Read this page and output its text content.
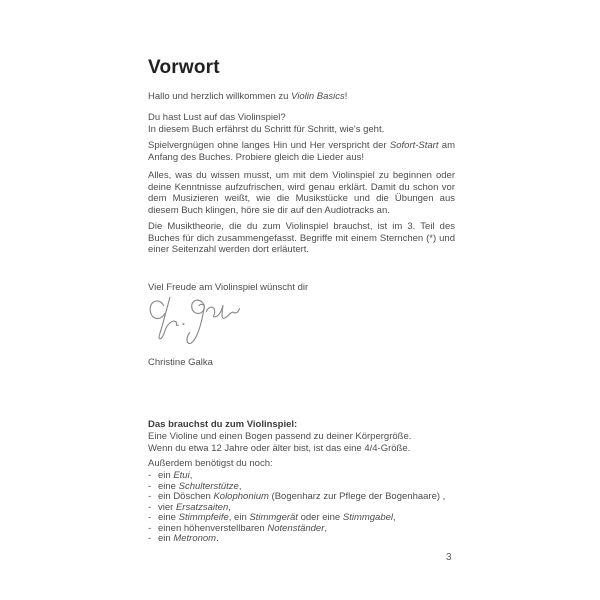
Vorwort

Hallo und herzlich willkommen zu Violin Basics!

Du hast Lust auf das Violinspiel?
In diesem Buch erfährst du Schritt für Schritt, wie's geht.

Spielvergnügen ohne langes Hin und Her verspricht der Sofort-Start am Anfang des Buches. Probiere gleich die Lieder aus!

Alles, was du wissen musst, um mit dem Violinspiel zu beginnen oder deine Kenntnisse aufzufrischen, wird genau erklärt. Damit du schon vor dem Musizieren weißt, wie die Musikstücke und die Übungen aus diesem Buch klingen, höre sie dir auf den Audiotracks an.

Die Musiktheorie, die du zum Violinspiel brauchst, ist im 3. Teil des Buches für dich zusammengefasst. Begriffe mit einem Sternchen (*) und einer Seitenzahl werden dort erläutert.

Viel Freude am Violinspiel wünscht dir

Christine Galka

Das brauchst du zum Violinspiel:

Eine Violine und einen Bogen passend zu deiner Körpergröße.

Wenn du etwa 12 Jahre oder älter bist, ist das eine 4/4-Größe.

Außerdem benötigst du noch:

- ein Etui,
- eine Schulterstütze,
- ein Döschen Kolophonium (Bogenharz zur Pflege der Bogenhaare) ,
- vier Ersatzsaiten,
- eine Stimmpfeife, ein Stimmgerät oder eine Stimmgabel,
- einen höhenverstellbaren Notenständer,
- ein Metronom.
3
